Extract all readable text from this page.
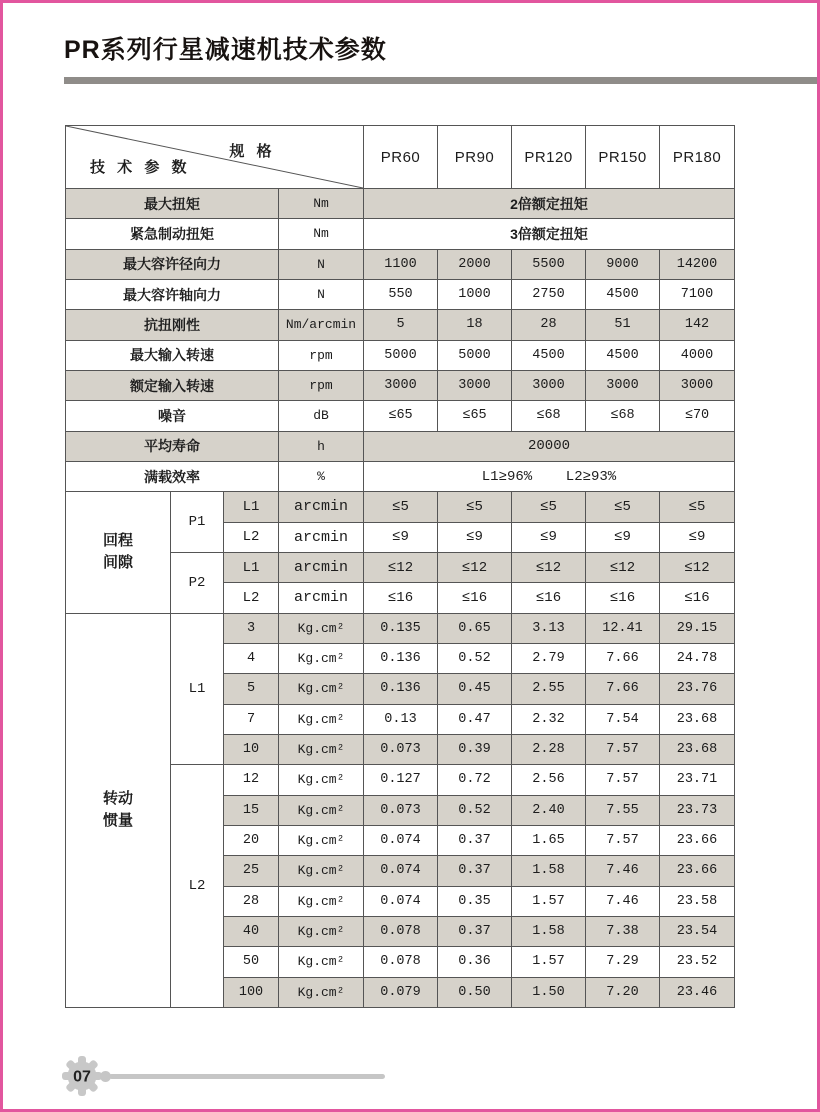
PR系列行星减速机技术参数
规 格
技 术 参 数				PR60	PR90	PR120	PR150	PR180
最大扭矩			Nm	2倍额定扭矩				
紧急制动扭矩			Nm	3倍额定扭矩				
最大容许径向力			N	1100	2000	5500	9000	14200
最大容许轴向力			N	550	1000	2750	4500	7100
抗扭刚性			Nm/arcmin	5	18	28	51	142
最大输入转速			rpm	5000	5000	4500	4500	4000
额定输入转速			rpm	3000	3000	3000	3000	3000
噪音			dB	≤65	≤65	≤68	≤68	≤70
平均寿命			h	20000				
满载效率			%	L1≥96%    L2≥93%				
回程
间隙	P1	L1	arcmin	≤5	≤5	≤5	≤5	≤5
		L2	arcmin	≤9	≤9	≤9	≤9	≤9
	P2	L1	arcmin	≤12	≤12	≤12	≤12	≤12
		L2	arcmin	≤16	≤16	≤16	≤16	≤16
转动
惯量	L1	3	Kg.cm²	0.135	0.65	3.13	12.41	29.15
		4	Kg.cm²	0.136	0.52	2.79	7.66	24.78
		5	Kg.cm²	0.136	0.45	2.55	7.66	23.76
		7	Kg.cm²	0.13	0.47	2.32	7.54	23.68
		10	Kg.cm²	0.073	0.39	2.28	7.57	23.68
	L2	12	Kg.cm²	0.127	0.72	2.56	7.57	23.71
		15	Kg.cm²	0.073	0.52	2.40	7.55	23.73
		20	Kg.cm²	0.074	0.37	1.65	7.57	23.66
		25	Kg.cm²	0.074	0.37	1.58	7.46	23.66
		28	Kg.cm²	0.074	0.35	1.57	7.46	23.58
		40	Kg.cm²	0.078	0.37	1.58	7.38	23.54
		50	Kg.cm²	0.078	0.36	1.57	7.29	23.52
		100	Kg.cm²	0.079	0.50	1.50	7.20	23.46
07
